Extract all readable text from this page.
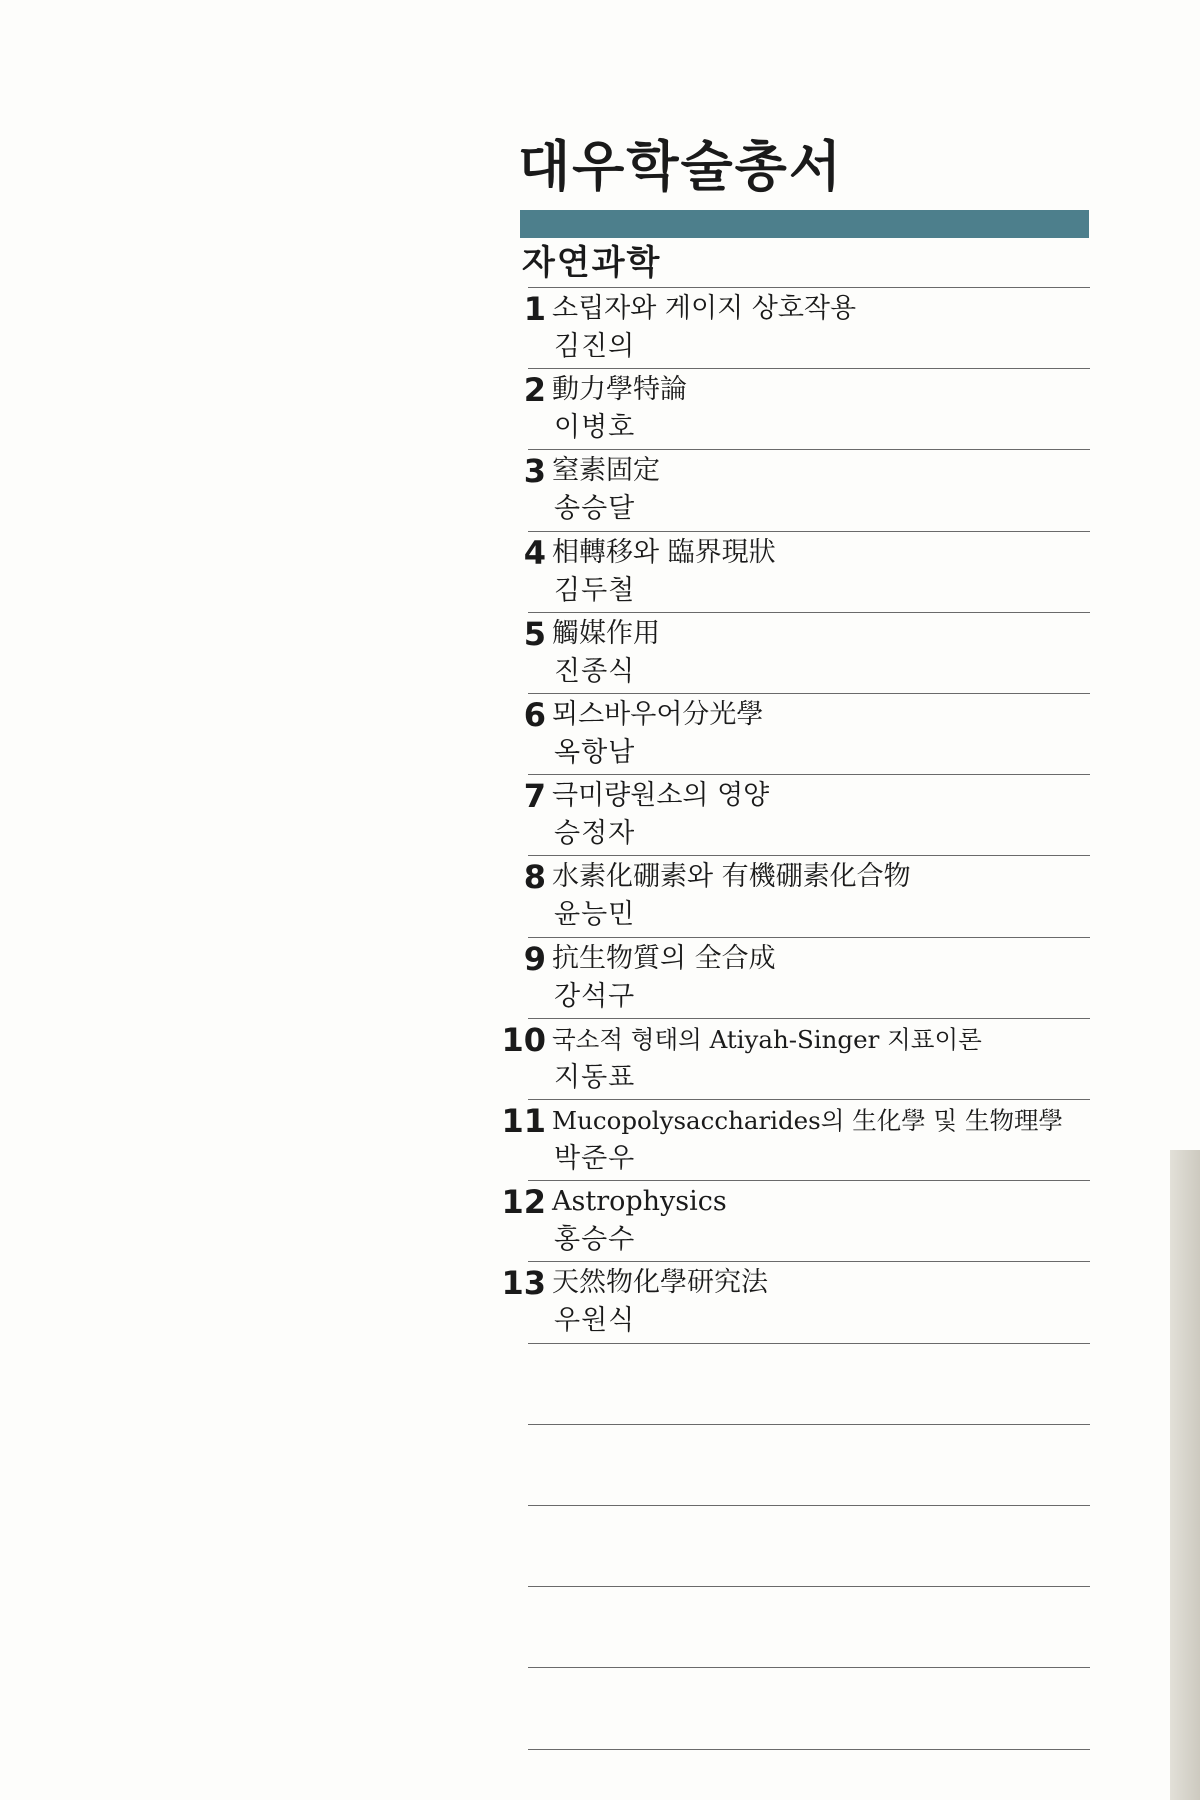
대우학술총서
자연과학
1 소립자와 게이지 상호작용
김진의
2 動力學特論
이병호
3 窒素固定
송승달
4 相轉移와 臨界現狀
김두철
5 觸媒作用
진종식
6 뫼스바우어分光學
옥항남
7 극미량원소의 영양
승정자
8 水素化硼素와 有機硼素化合物
윤능민
9 抗生物質의 全合成
강석구
10 국소적 형태의 Atiyah-Singer 지표이론
지동표
11 Mucopolysaccharides의 生化學 및 生物理學
박준우
12 Astrophysics
홍승수
13 天然物化學研究法
우원식
